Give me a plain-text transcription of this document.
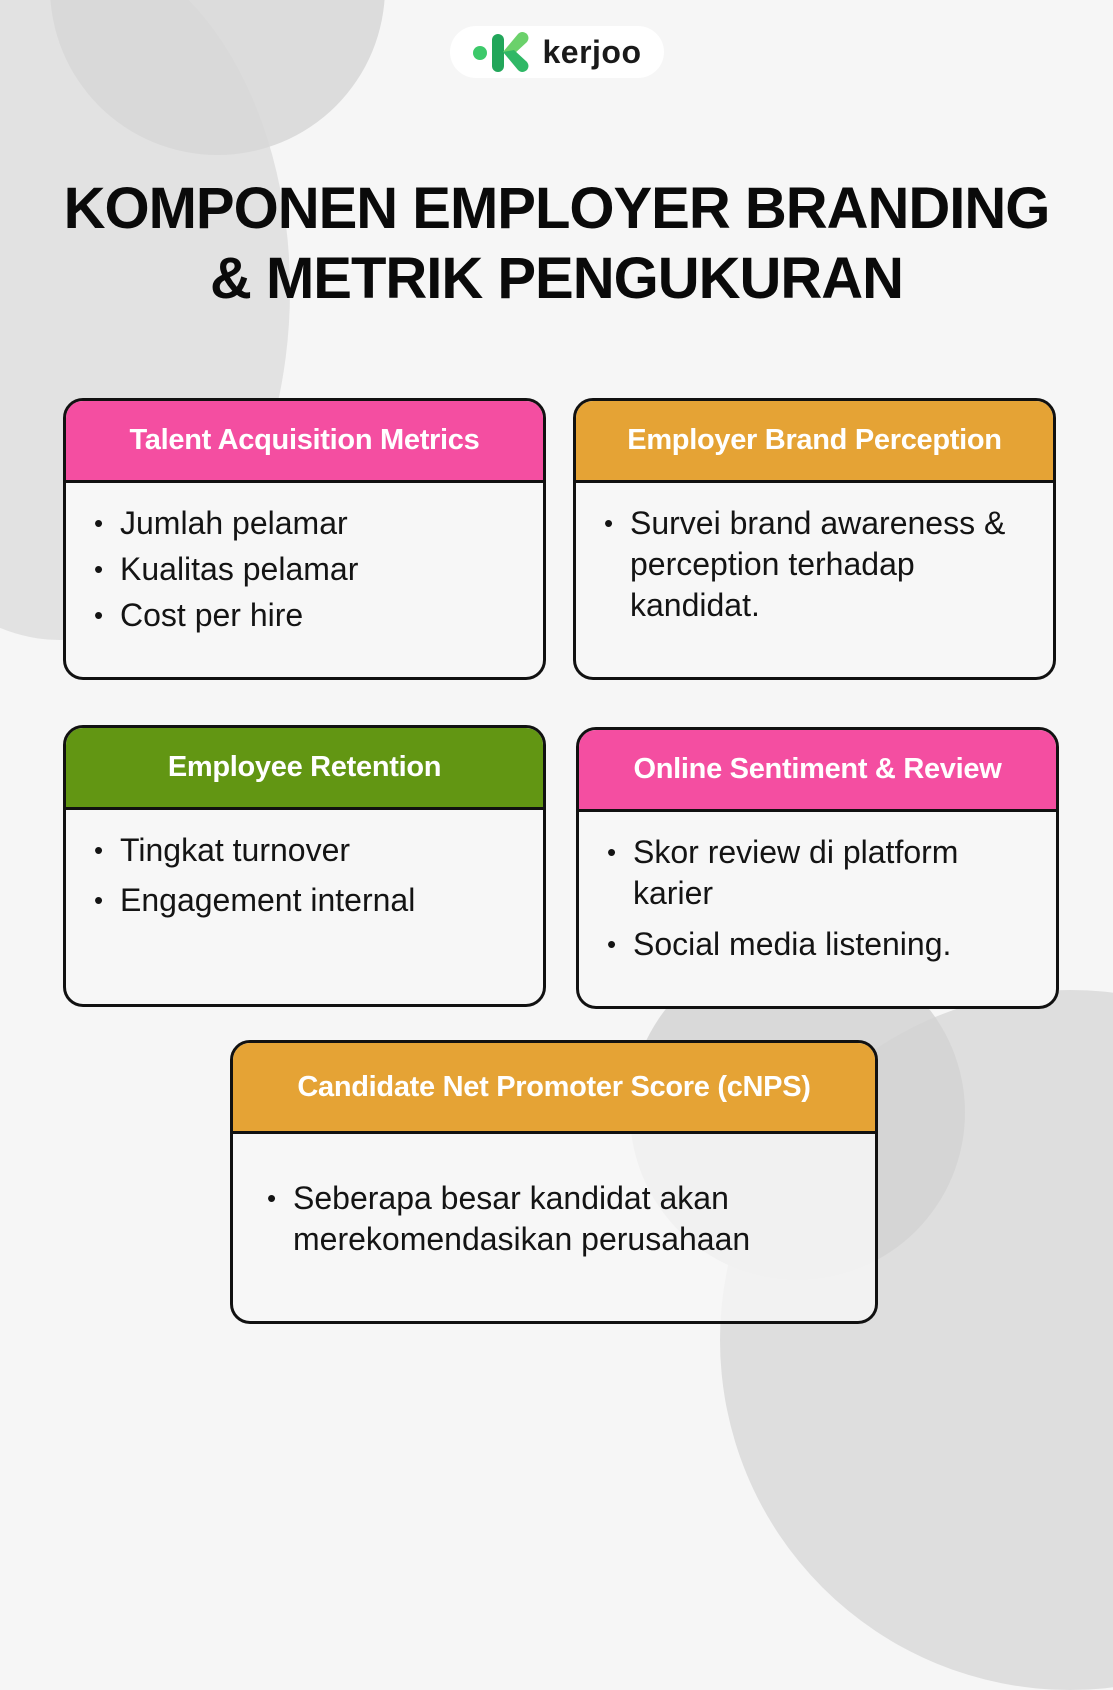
kerjoo
KOMPONEN EMPLOYER BRANDING
& METRIK PENGUKURAN
Talent Acquisition Metrics
• Jumlah pelamar
• Kualitas pelamar
• Cost per hire
Employer Brand Perception
• Survei brand awareness & perception terhadap kandidat.
Employee Retention
• Tingkat turnover
• Engagement internal
Online Sentiment & Review
• Skor review di platform karier
• Social media listening.
Candidate Net Promoter Score (cNPS)
• Seberapa besar kandidat akan merekomendasikan perusahaan
